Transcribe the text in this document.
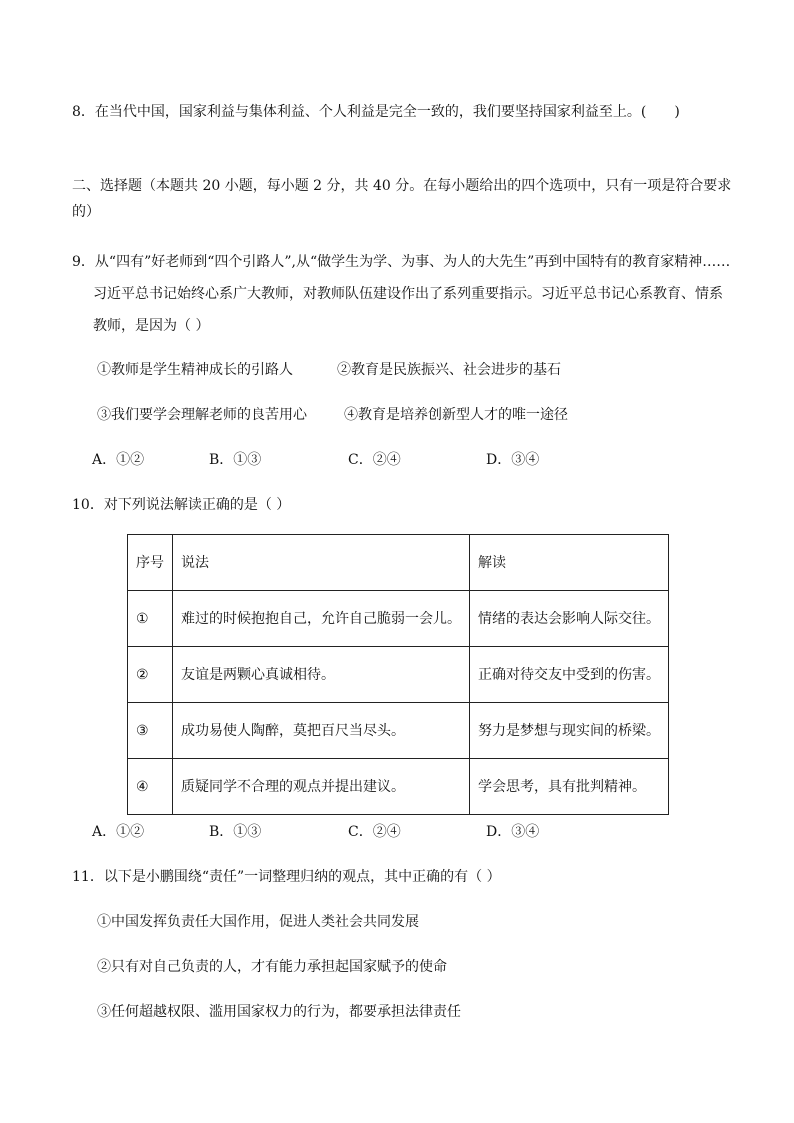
8．在当代中国，国家利益与集体利益、个人利益是完全一致的，我们要坚持国家利益至上。(　　)
二、选择题（本题共 20 小题，每小题 2 分，共 40 分。在每小题给出的四个选项中，只有一项是符合要求
的）
9．从“四有”好老师到“四个引路人”,从“做学生为学、为事、为人的大先生”再到中国特有的教育家精神……
习近平总书记始终心系广大教师，对教师队伍建设作出了系列重要指示。习近平总书记心系教育、情系
教师，是因为（ ）
①教师是学生精神成长的引路人	②教育是民族振兴、社会进步的基石
③我们要学会理解老师的良苦用心	④教育是培养创新型人才的唯一途径
A．①②	B．①③	C．②④	D．③④
10．对下列说法解读正确的是（ ）
序号	说法	解读
①	难过的时候抱抱自己，允许自己脆弱一会儿。	情绪的表达会影响人际交往。
②	友谊是两颗心真诚相待。	正确对待交友中受到的伤害。
③	成功易使人陶醉，莫把百尺当尽头。	努力是梦想与现实间的桥梁。
④	质疑同学不合理的观点并提出建议。	学会思考，具有批判精神。
A．①②	B．①③	C．②④	D．③④
11．以下是小鹏围绕“责任”一词整理归纳的观点，其中正确的有（ ）
①中国发挥负责任大国作用，促进人类社会共同发展
②只有对自己负责的人，才有能力承担起国家赋予的使命
③任何超越权限、滥用国家权力的行为，都要承担法律责任
